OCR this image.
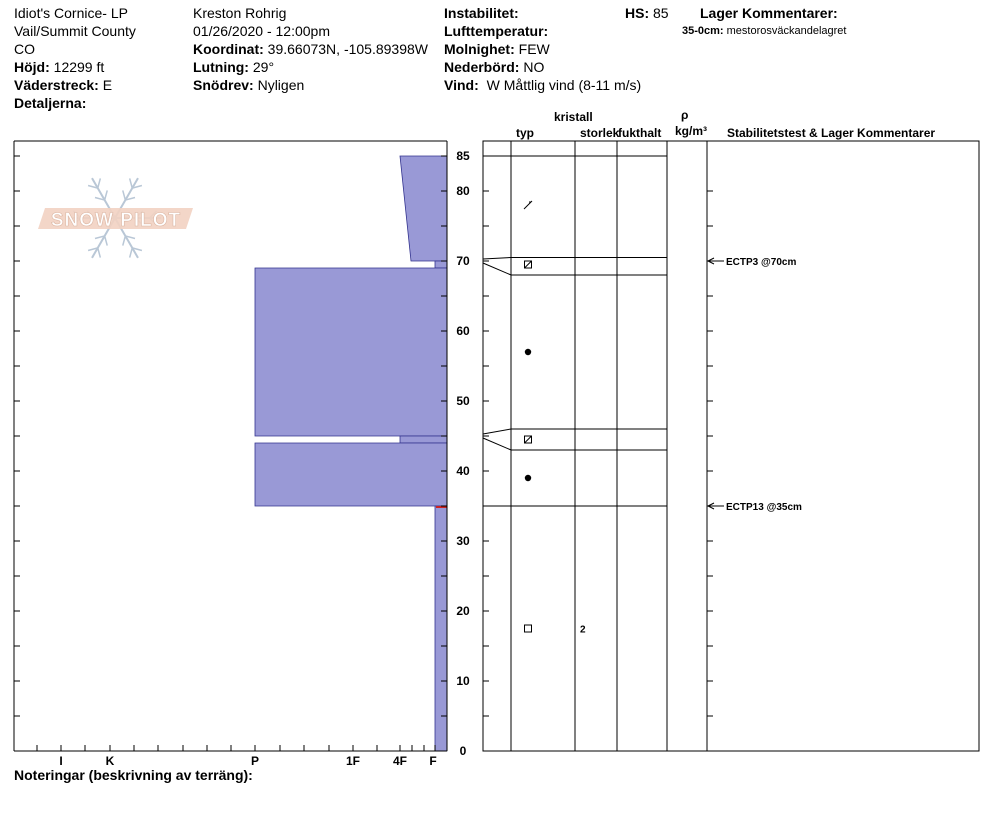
Idiot's Cornice- LP
Vail/Summit County
CO
Höjd: 12299 ft
Väderstreck: E
Detaljerna:
Kreston Rohrig
01/26/2020 - 12:00pm
Koordinat: 39.66073N, -105.89398W
Lutning: 29°
Snödrev: Nyligen
Instabilitet:
Lufttemperatur:
Molnighet: FEW
Nederbörd: NO
Vind: W Måttlig vind (8-11 m/s)
HS: 85 Lager Kommentarer:
35-0cm: mestorosväckandelagret
kristall
typ	storlek
fukthalt
ρ
kg/m³ Stabilitetstest & Lager Kommentarer
SNOW PILOT
I	K	P	1F	4F F
0
10
20
30
40
50
60
70
80
85
2
ECTP3 @70cm
ECTP13 @35cm
Noteringar (beskrivning av terräng):
